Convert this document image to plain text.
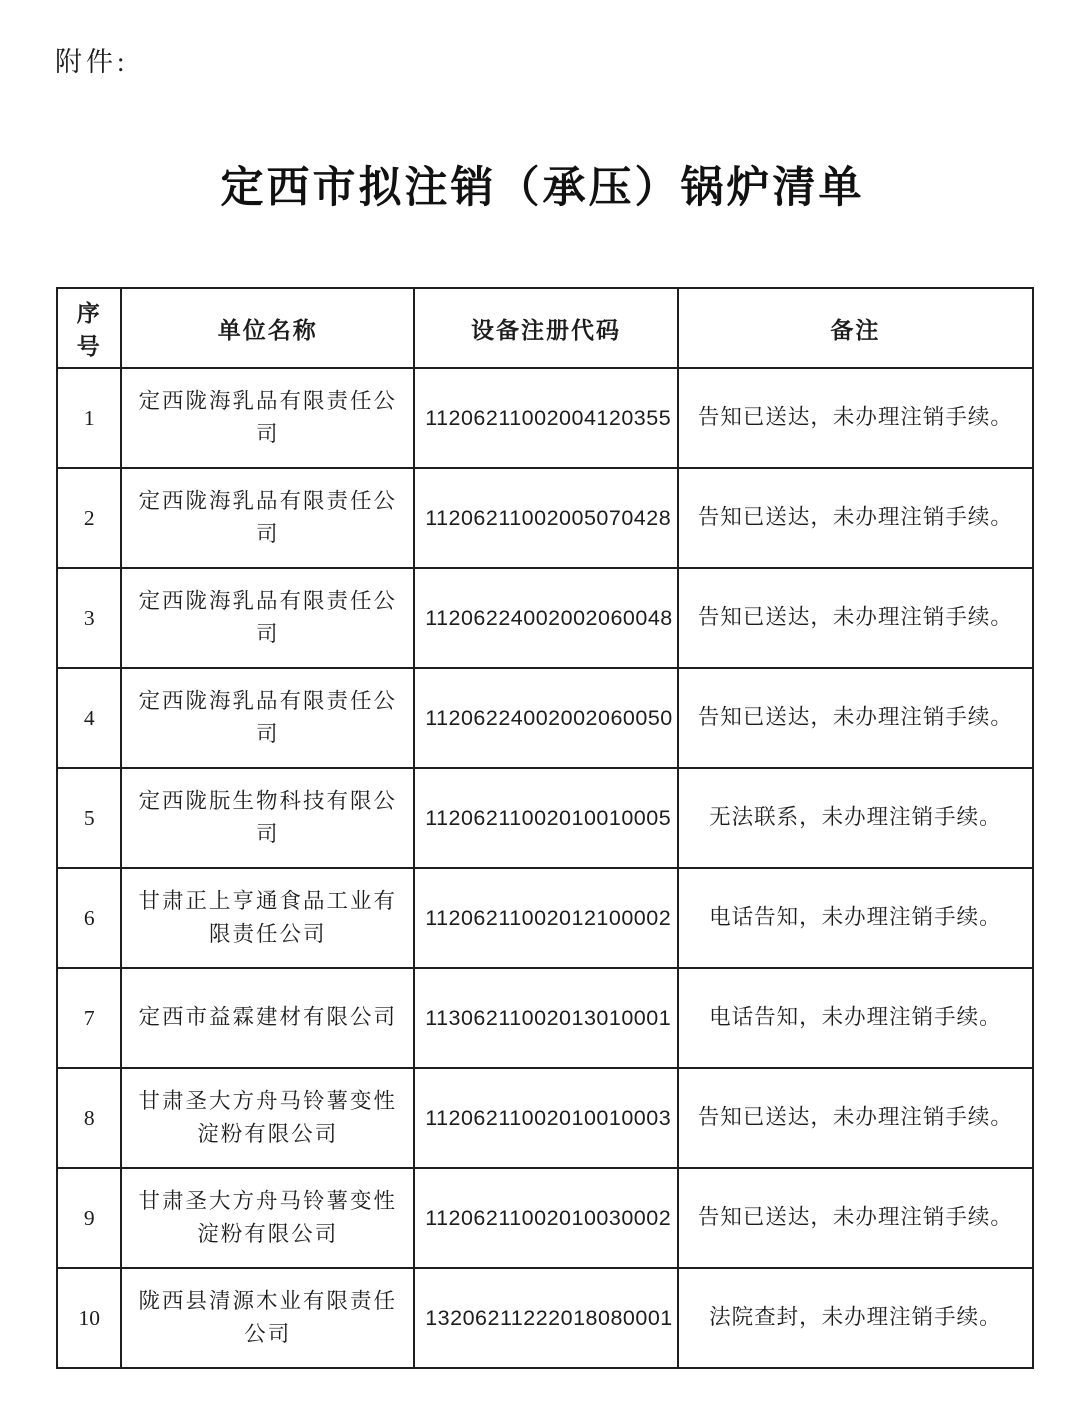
附件:
定西市拟注销（承压）锅炉清单
序号	单位名称	设备注册代码	备注
1	定西陇海乳品有限责任公司	11206211002004120355	告知已送达，未办理注销手续。
2	定西陇海乳品有限责任公司	11206211002005070428	告知已送达，未办理注销手续。
3	定西陇海乳品有限责任公司	11206224002002060048	告知已送达，未办理注销手续。
4	定西陇海乳品有限责任公司	11206224002002060050	告知已送达，未办理注销手续。
5	定西陇朊生物科技有限公司	11206211002010010005	无法联系，未办理注销手续。
6	甘肃正上亨通食品工业有限责任公司	11206211002012100002	电话告知，未办理注销手续。
7	定西市益霖建材有限公司	11306211002013010001	电话告知，未办理注销手续。
8	甘肃圣大方舟马铃薯变性淀粉有限公司	11206211002010010003	告知已送达，未办理注销手续。
9	甘肃圣大方舟马铃薯变性淀粉有限公司	11206211002010030002	告知已送达，未办理注销手续。
10	陇西县清源木业有限责任公司	13206211222018080001	法院查封，未办理注销手续。
